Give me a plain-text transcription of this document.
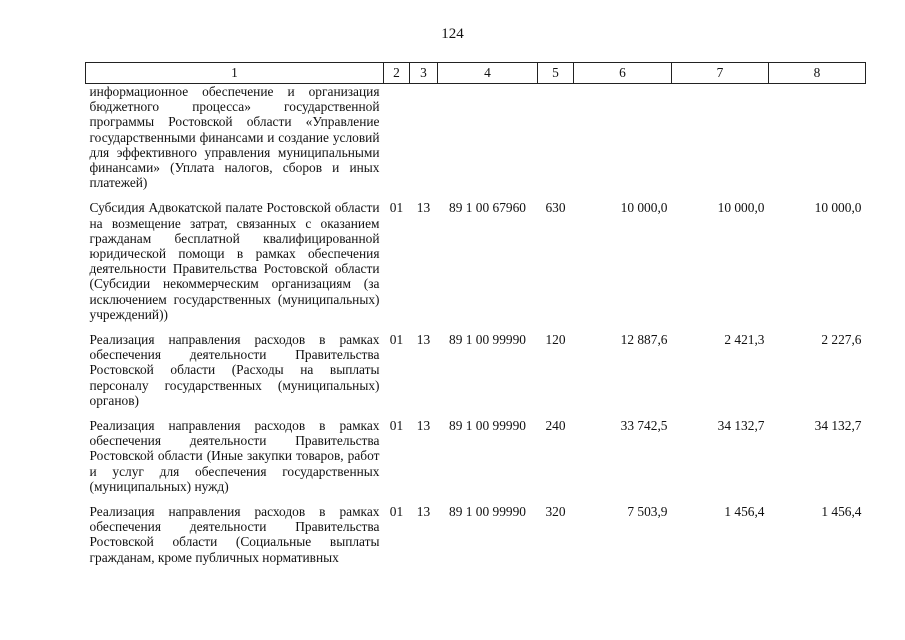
124
1	2	3	4	5	6	7	8
информационное обеспечение и организация бюджетного процесса» государственной программы Ростовской области «Управление государственными финансами и создание условий для эффективного управления муниципальными финансами» (Уплата налогов, сборов и иных платежей)							
Субсидия Адвокатской палате Ростовской области на возмещение затрат, связанных с оказанием гражданам бесплатной квалифицированной юридической помощи в рамках обеспечения деятельности Правительства Ростовской области (Субсидии некоммерческим организациям (за исключением государственных (муниципальных) учреждений))	01	13	89 1 00 67960	630	10 000,0	10 000,0	10 000,0
Реализация направления расходов в рамках обеспечения деятельности Правительства Ростовской области (Расходы на выплаты персоналу государственных (муниципальных) органов)	01	13	89 1 00 99990	120	12 887,6	2 421,3	2 227,6
Реализация направления расходов в рамках обеспечения деятельности Правительства Ростовской области (Иные закупки товаров, работ и услуг для обеспечения государственных (муниципальных) нужд)	01	13	89 1 00 99990	240	33 742,5	34 132,7	34 132,7
Реализация направления расходов в рамках обеспечения деятельности Правительства Ростовской области (Социальные выплаты гражданам, кроме публичных нормативных	01	13	89 1 00 99990	320	7 503,9	1 456,4	1 456,4
